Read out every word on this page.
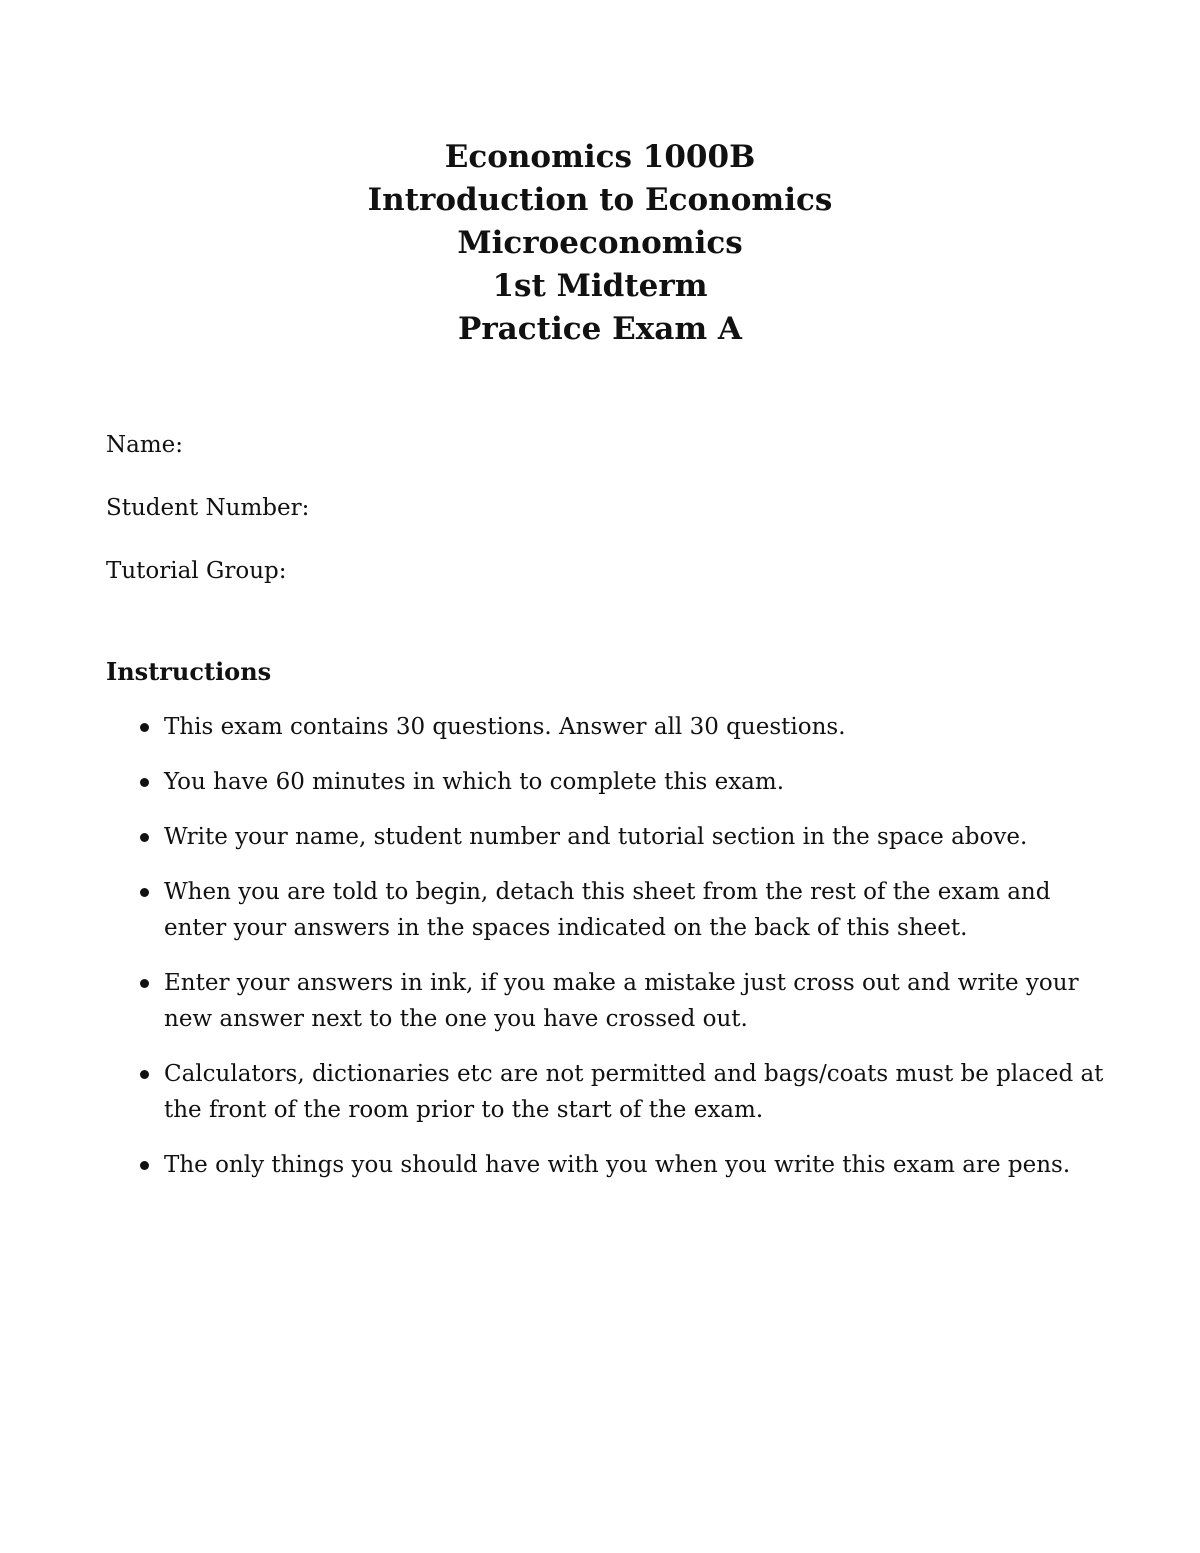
Economics 1000B
Introduction to Economics
Microeconomics
1st Midterm
Practice Exam A
Name:
Student Number:
Tutorial Group:
Instructions
This exam contains 30 questions. Answer all 30 questions.
You have 60 minutes in which to complete this exam.
Write your name, student number and tutorial section in the space above.
When you are told to begin, detach this sheet from the rest of the exam and enter your answers in the spaces indicated on the back of this sheet.
Enter your answers in ink, if you make a mistake just cross out and write your new answer next to the one you have crossed out.
Calculators, dictionaries etc are not permitted and bags/coats must be placed at the front of the room prior to the start of the exam.
The only things you should have with you when you write this exam are pens.
